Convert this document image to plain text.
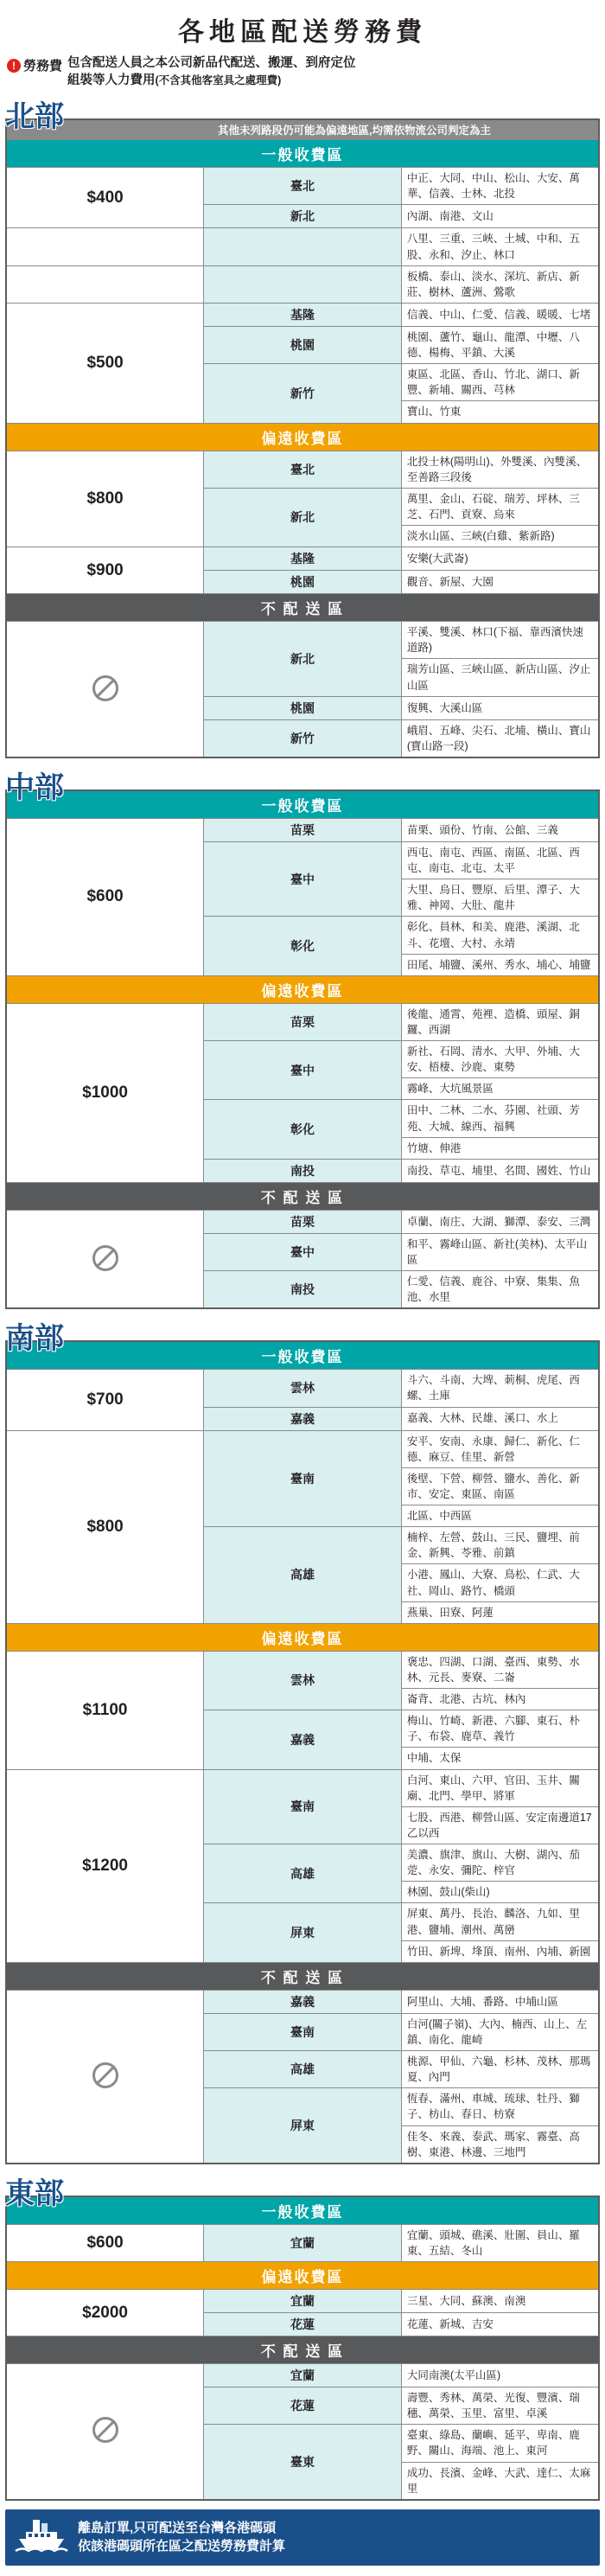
各地區配送勞務費
! 勞務費 包含配送人員之本公司新品代配送、搬運、到府定位
組裝等人力費用(不含其他客室具之處理費)
北部	其他未列路段仍可能為偏遠地區,均需依物流公司判定為主		
一般收費區		
$400	臺北	中正、大同、中山、松山、大安、萬華、信義、士林、北投
	新北	內湖、南港、文山
		八里、三重、三峽、土城、中和、五股、永和、汐止、林口
		板橋、泰山、淡水、深坑、新店、新莊、樹林、蘆洲、鶯歌
$500	基隆	信義、中山、仁愛、信義、暖暖、七堵
	桃園	桃園、蘆竹、龜山、龍潭、中壢、八德、楊梅、平鎮、大溪
	新竹	東區、北區、香山、竹北、湖口、新豐、新埔、關西、芎林
		寶山、竹東
偏遠收費區		
$800	臺北	北投士林(陽明山)、外雙溪、內雙溪、至善路三段後
	新北	萬里、金山、石碇、瑞芳、坪林、三芝、石門、貢寮、烏來
		淡水山區、三峽(白雞、紫新路)
$900	基隆	安樂(大武崙)
	桃園	觀音、新屋、大園
不 配 送 區		
	新北	平溪、雙溪、林口(下福、靠西濱快速道路)
		瑞芳山區、三峽山區、新店山區、汐止山區
	桃園	復興、大溪山區
	新竹	峨眉、五峰、尖石、北埔、橫山、寶山(寶山路一段)
中部
一般收費區		
$600	苗栗	苗栗、頭份、竹南、公館、三義
	臺中	西屯、南屯、西區、南區、北區、西屯、南屯、北屯、太平
		大里、烏日、豐原、后里、潭子、大雅、神岡、大肚、龍井
	彰化	彰化、員林、和美、鹿港、溪湖、北斗、花壇、大村、永靖
		田尾、埔鹽、溪州、秀水、埔心、埔鹽
偏遠收費區		
$1000	苗栗	後龍、通霄、苑裡、造橋、頭屋、銅鑼、西湖
	臺中	新社、石岡、清水、大甲、外埔、大安、梧棲、沙鹿、東勢
		霧峰、大坑風景區
	彰化	田中、二林、二水、芬園、社頭、芳苑、大城、線西、福興
		竹塘、伸港
	南投	南投、草屯、埔里、名間、國姓、竹山
不 配 送 區		
	苗栗	卓蘭、南庄、大湖、獅潭、泰安、三灣
	臺中	和平、霧峰山區、新社(美林)、太平山區
	南投	仁愛、信義、鹿谷、中寮、集集、魚池、水里
南部
一般收費區		
$700	雲林	斗六、斗南、大埤、莿桐、虎尾、西螺、土庫
	嘉義	嘉義、大林、民雄、溪口、水上
$800	臺南	安平、安南、永康、歸仁、新化、仁德、麻豆、佳里、新營
		後壁、下營、柳營、鹽水、善化、新市、安定、東區、南區
		北區、中西區
	高雄	楠梓、左營、鼓山、三民、鹽埋、前金、新興、苓雅、前鎮
		小港、鳳山、大寮、鳥松、仁武、大社、岡山、路竹、橋頭
		燕巢、田寮、阿蓮
偏遠收費區		
$1100	雲林	褒忠、四湖、口湖、臺西、東勢、水林、元長、麥寮、二崙
		崙背、北港、古坑、林內
	嘉義	梅山、竹崎、新港、六腳、東石、朴子、布袋、鹿草、義竹
		中埔、太保
$1200	臺南	白河、東山、六甲、官田、玉井、關廟、北門、學甲、將軍
		七股、西港、柳營山區、安定南邊道17乙以西
	高雄	美濃、旗津、旗山、大樹、湖內、茄萣、永安、彌陀、梓官
		林園、鼓山(柴山)
	屏東	屏東、萬丹、長治、麟洛、九如、里港、鹽埔、潮州、萬巒
		竹田、新埤、埄頂、南州、內埔、新園
不 配 送 區		
	嘉義	阿里山、大埔、番路、中埔山區
	臺南	白河(關子嶺)、大內、楠西、山上、左鎮、南化、龍崎
	高雄	桃源、甲仙、六龜、杉林、茂林、那瑪夏、內門
	屏東	恆春、滿州、車城、琉球、牡丹、獅子、枋山、春日、枋寮
		佳冬、來義、泰武、瑪家、霧臺、高樹、東港、林邊、三地門
東部
一般收費區		
$600	宜蘭	宜蘭、頭城、礁溪、壯圍、員山、羅東、五結、冬山
偏遠收費區		
$2000	宜蘭	三星、大同、蘇澳、南澳
	花蓮	花蓮、新城、吉安
不 配 送 區		
	宜蘭	大同南澳(太平山區)
	花蓮	壽豐、秀林、萬榮、光復、豐濱、瑞穗、萬榮、玉里、富里、卓溪
	臺東	臺東、綠島、蘭嶼、延平、卑南、鹿野、關山、海端、池上、東河
		成功、長濱、金峰、大武、達仁、太麻里
離島訂單,只可配送至台灣各港碼頭
依該港碼頭所在區之配送勞務費計算
